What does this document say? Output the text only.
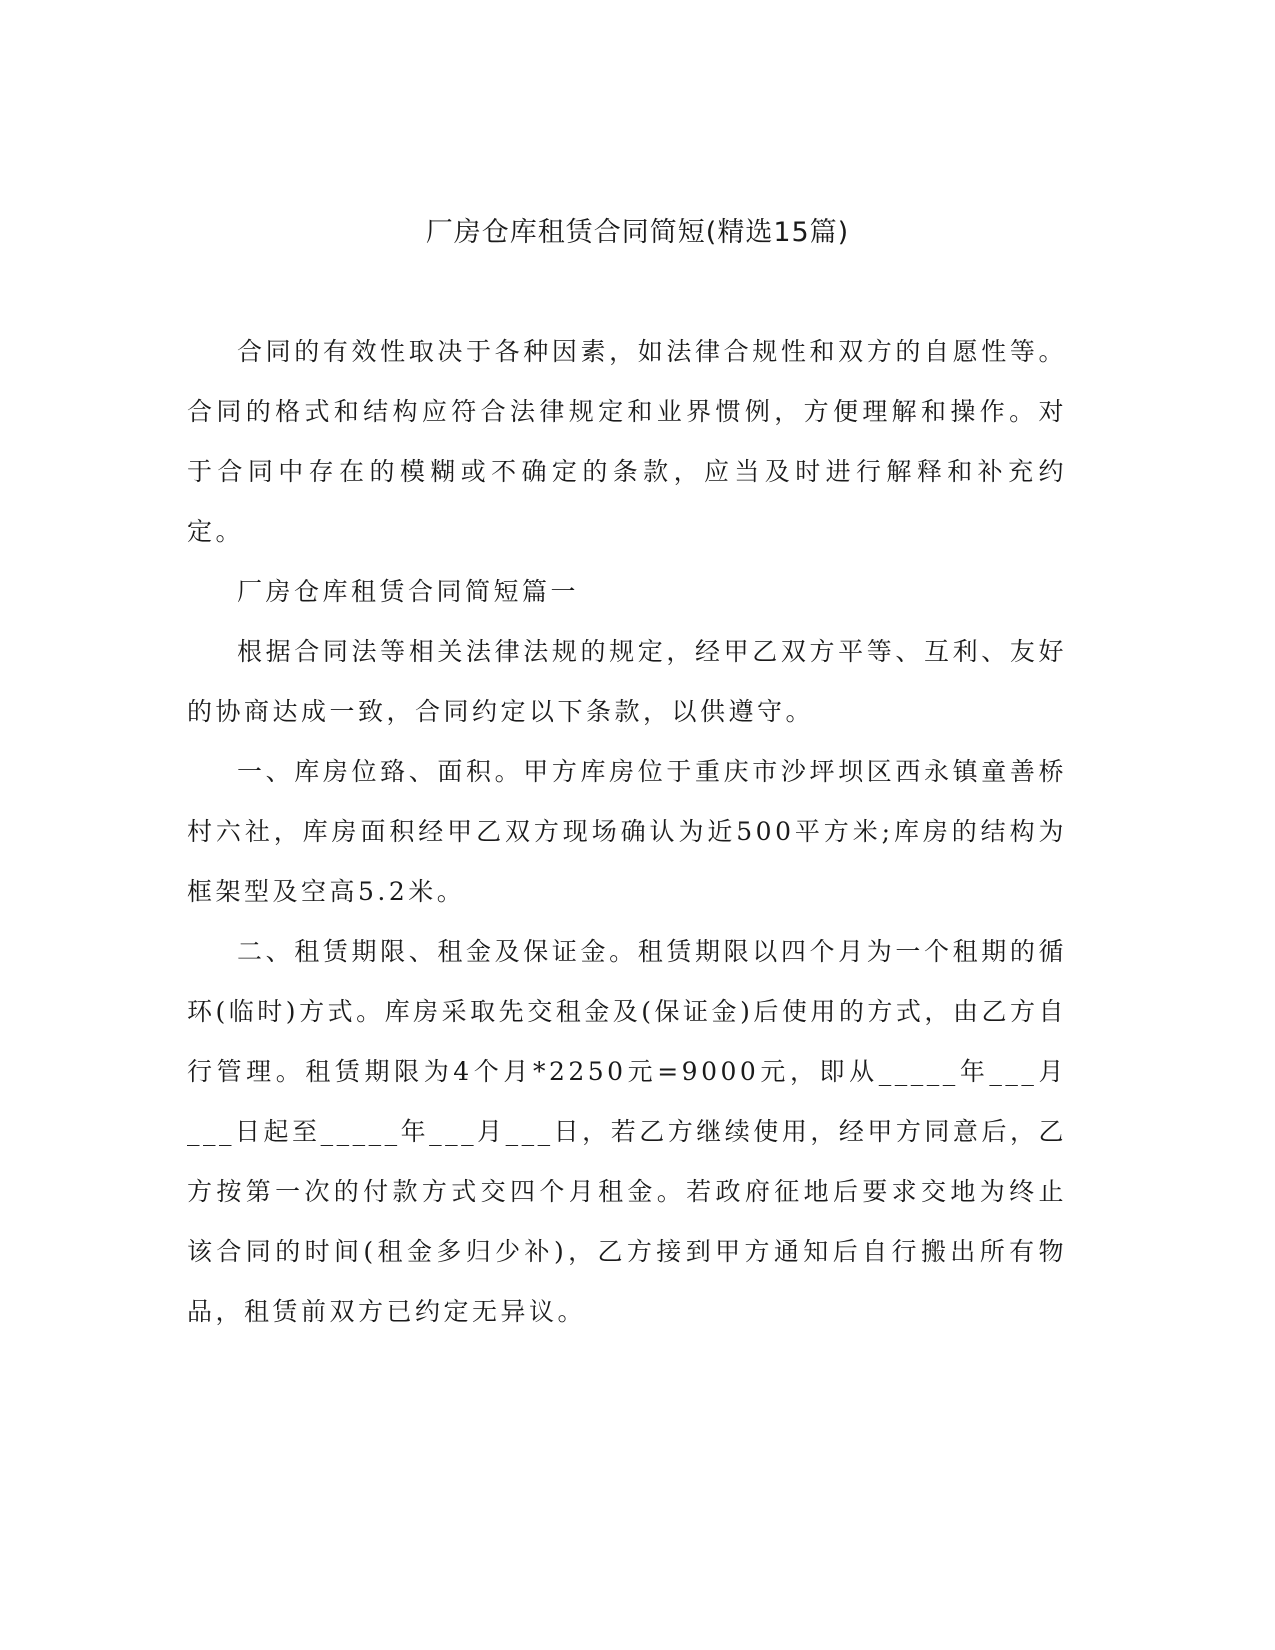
厂房仓库租赁合同简短(精选15篇)

合同的有效性取决于各种因素，如法律合规性和双方的自愿性等。合同的格式和结构应符合法律规定和业界惯例，方便理解和操作。对于合同中存在的模糊或不确定的条款，应当及时进行解释和补充约定。

厂房仓库租赁合同简短篇一

根据合同法等相关法律法规的规定，经甲乙双方平等、互利、友好的协商达成一致，合同约定以下条款，以供遵守。

一、库房位臵、面积。甲方库房位于重庆市沙坪坝区西永镇童善桥村六社，库房面积经甲乙双方现场确认为近500平方米;库房的结构为框架型及空高5.2米。

二、租赁期限、租金及保证金。租赁期限以四个月为一个租期的循环(临时)方式。库房采取先交租金及(保证金)后使用的方式，由乙方自行管理。租赁期限为4个月*2250元=9000元，即从_____年___月___日起至_____年___月___日，若乙方继续使用，经甲方同意后，乙方按第一次的付款方式交四个月租金。若政府征地后要求交地为终止该合同的时间(租金多归少补)，乙方接到甲方通知后自行搬出所有物品，租赁前双方已约定无异议。
